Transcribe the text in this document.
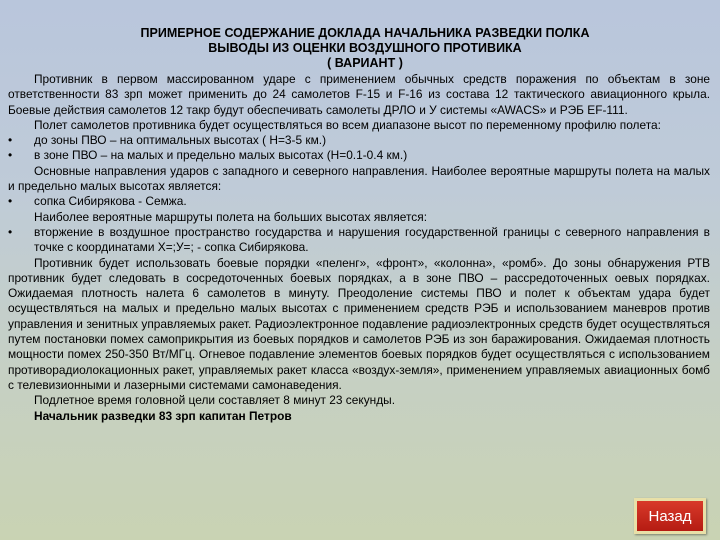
ПРИМЕРНОЕ СОДЕРЖАНИЕ ДОКЛАДА НАЧАЛЬНИКА РАЗВЕДКИ ПОЛКА
ВЫВОДЫ ИЗ ОЦЕНКИ ВОЗДУШНОГО ПРОТИВИКА
( ВАРИАНТ )

Противник в первом массированном ударе с применением обычных средств поражения по объектам в зоне ответственности 83 зрп может применить до 24 самолетов F-15 и F-16 из состава 12 тактического авиационного крыла. Боевые действия самолетов 12 такр будут обеспечивать самолеты ДРЛО и У системы «AWACS» и РЭБ EF-111.

Полет самолетов противника будет осуществляться во всем диапазоне высот по переменному профилю полета:

• до зоны ПВО – на оптимальных высотах ( Н=3-5 км.)

• в зоне ПВО – на малых и предельно малых высотах (Н=0.1-0.4 км.)

Основные направления ударов с западного и северного направления. Наиболее вероятные маршруты полета на малых и предельно малых высотах является:

• сопка Сибирякова - Семжа.

Наиболее вероятные маршруты полета на больших высотах является:

• вторжение в воздушное пространство государства и нарушения государственной границы с северного направления в точке с координатами Х=;У=; - сопка Сибирякова.

Противник будет использовать боевые порядки «пеленг», «фронт», «колонна», «ромб». До зоны обнаружения РТВ противник будет следовать в сосредоточенных боевых порядках, а в зоне ПВО – рассредоточенных оевых порядках. Ожидаемая плотность налета 6 самолетов в минуту. Преодоление системы ПВО и полет к объектам удара будет осуществляться на малых и предельно малых высотах с применением средств РЭБ и использованием маневров против управления и зенитных управляемых ракет. Радиоэлектронное подавление радиоэлектронных средств будет осуществляться путем постановки помех самоприкрытия из боевых порядков и самолетов РЭБ из зон баражирования. Ожидаемая плотность мощности помех 250-350 Вт/МГц. Огневое подавление элементов боевых порядков будет осуществляться с использованием противорадиолокационных ракет, управляемых ракет класса «воздух-земля», применением управляемых авиационных бомб с телевизионными и лазерными системами самонаведения.

Подлетное время головной цели составляет 8 минут 23 секунды.

Начальник разведки 83 зрп капитан Петров

Назад
